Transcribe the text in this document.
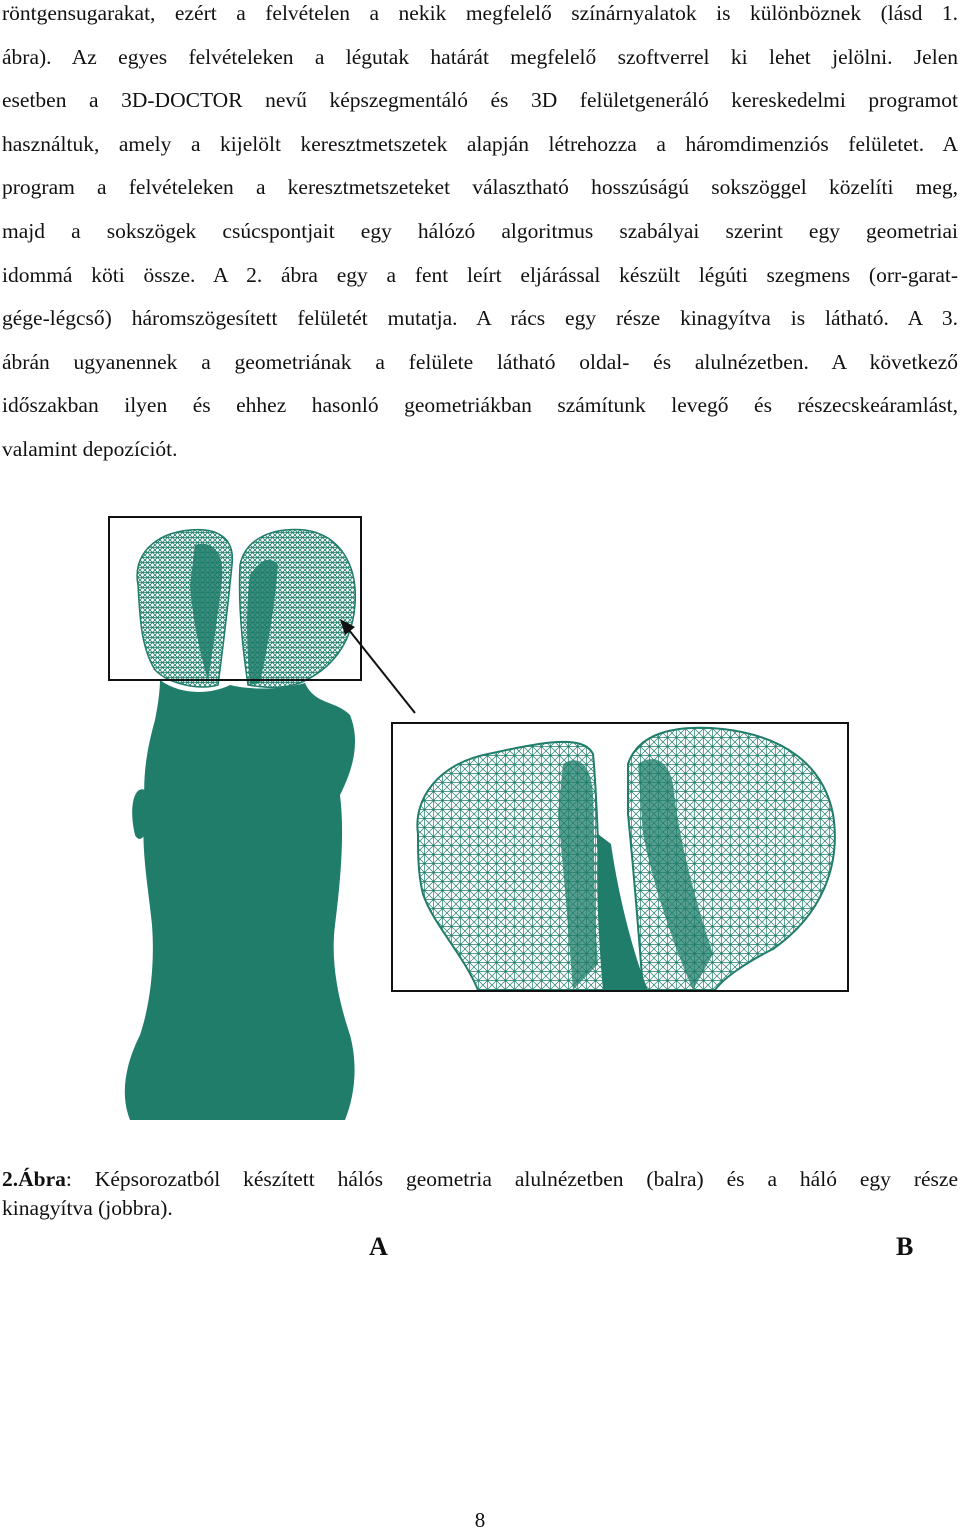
röntgensugarakat, ezért a felvételen a nekik megfelelő színárnyalatok is különböznek (lásd 1.
ábra). Az egyes felvételeken a légutak határát megfelelő szoftverrel ki lehet jelölni. Jelen
esetben a 3D-DOCTOR nevű képszegmentáló és 3D felületgeneráló kereskedelmi programot
használtuk, amely a kijelölt keresztmetszetek alapján létrehozza a háromdimenziós felületet. A
program a felvételeken a keresztmetszeteket választható hosszúságú sokszöggel közelíti meg,
majd a sokszögek csúcspontjait egy hálózó algoritmus szabályai szerint egy geometriai
idommá köti össze. A 2. ábra egy a fent leírt eljárással készült légúti szegmens (orr-garat-
gége-légcső) háromszögesített felületét mutatja. A rács egy része kinagyítva is látható. A 3.
ábrán ugyanennek a geometriának a felülete látható oldal- és alulnézetben. A következő
időszakban ilyen és ehhez hasonló geometriákban számítunk levegő és részecskeáramlást,
valamint depozíciót.

2.Ábra: Képsorozatból készített hálós geometria alulnézetben (balra) és a háló egy része
kinagyítva (jobbra).

A	B
8
